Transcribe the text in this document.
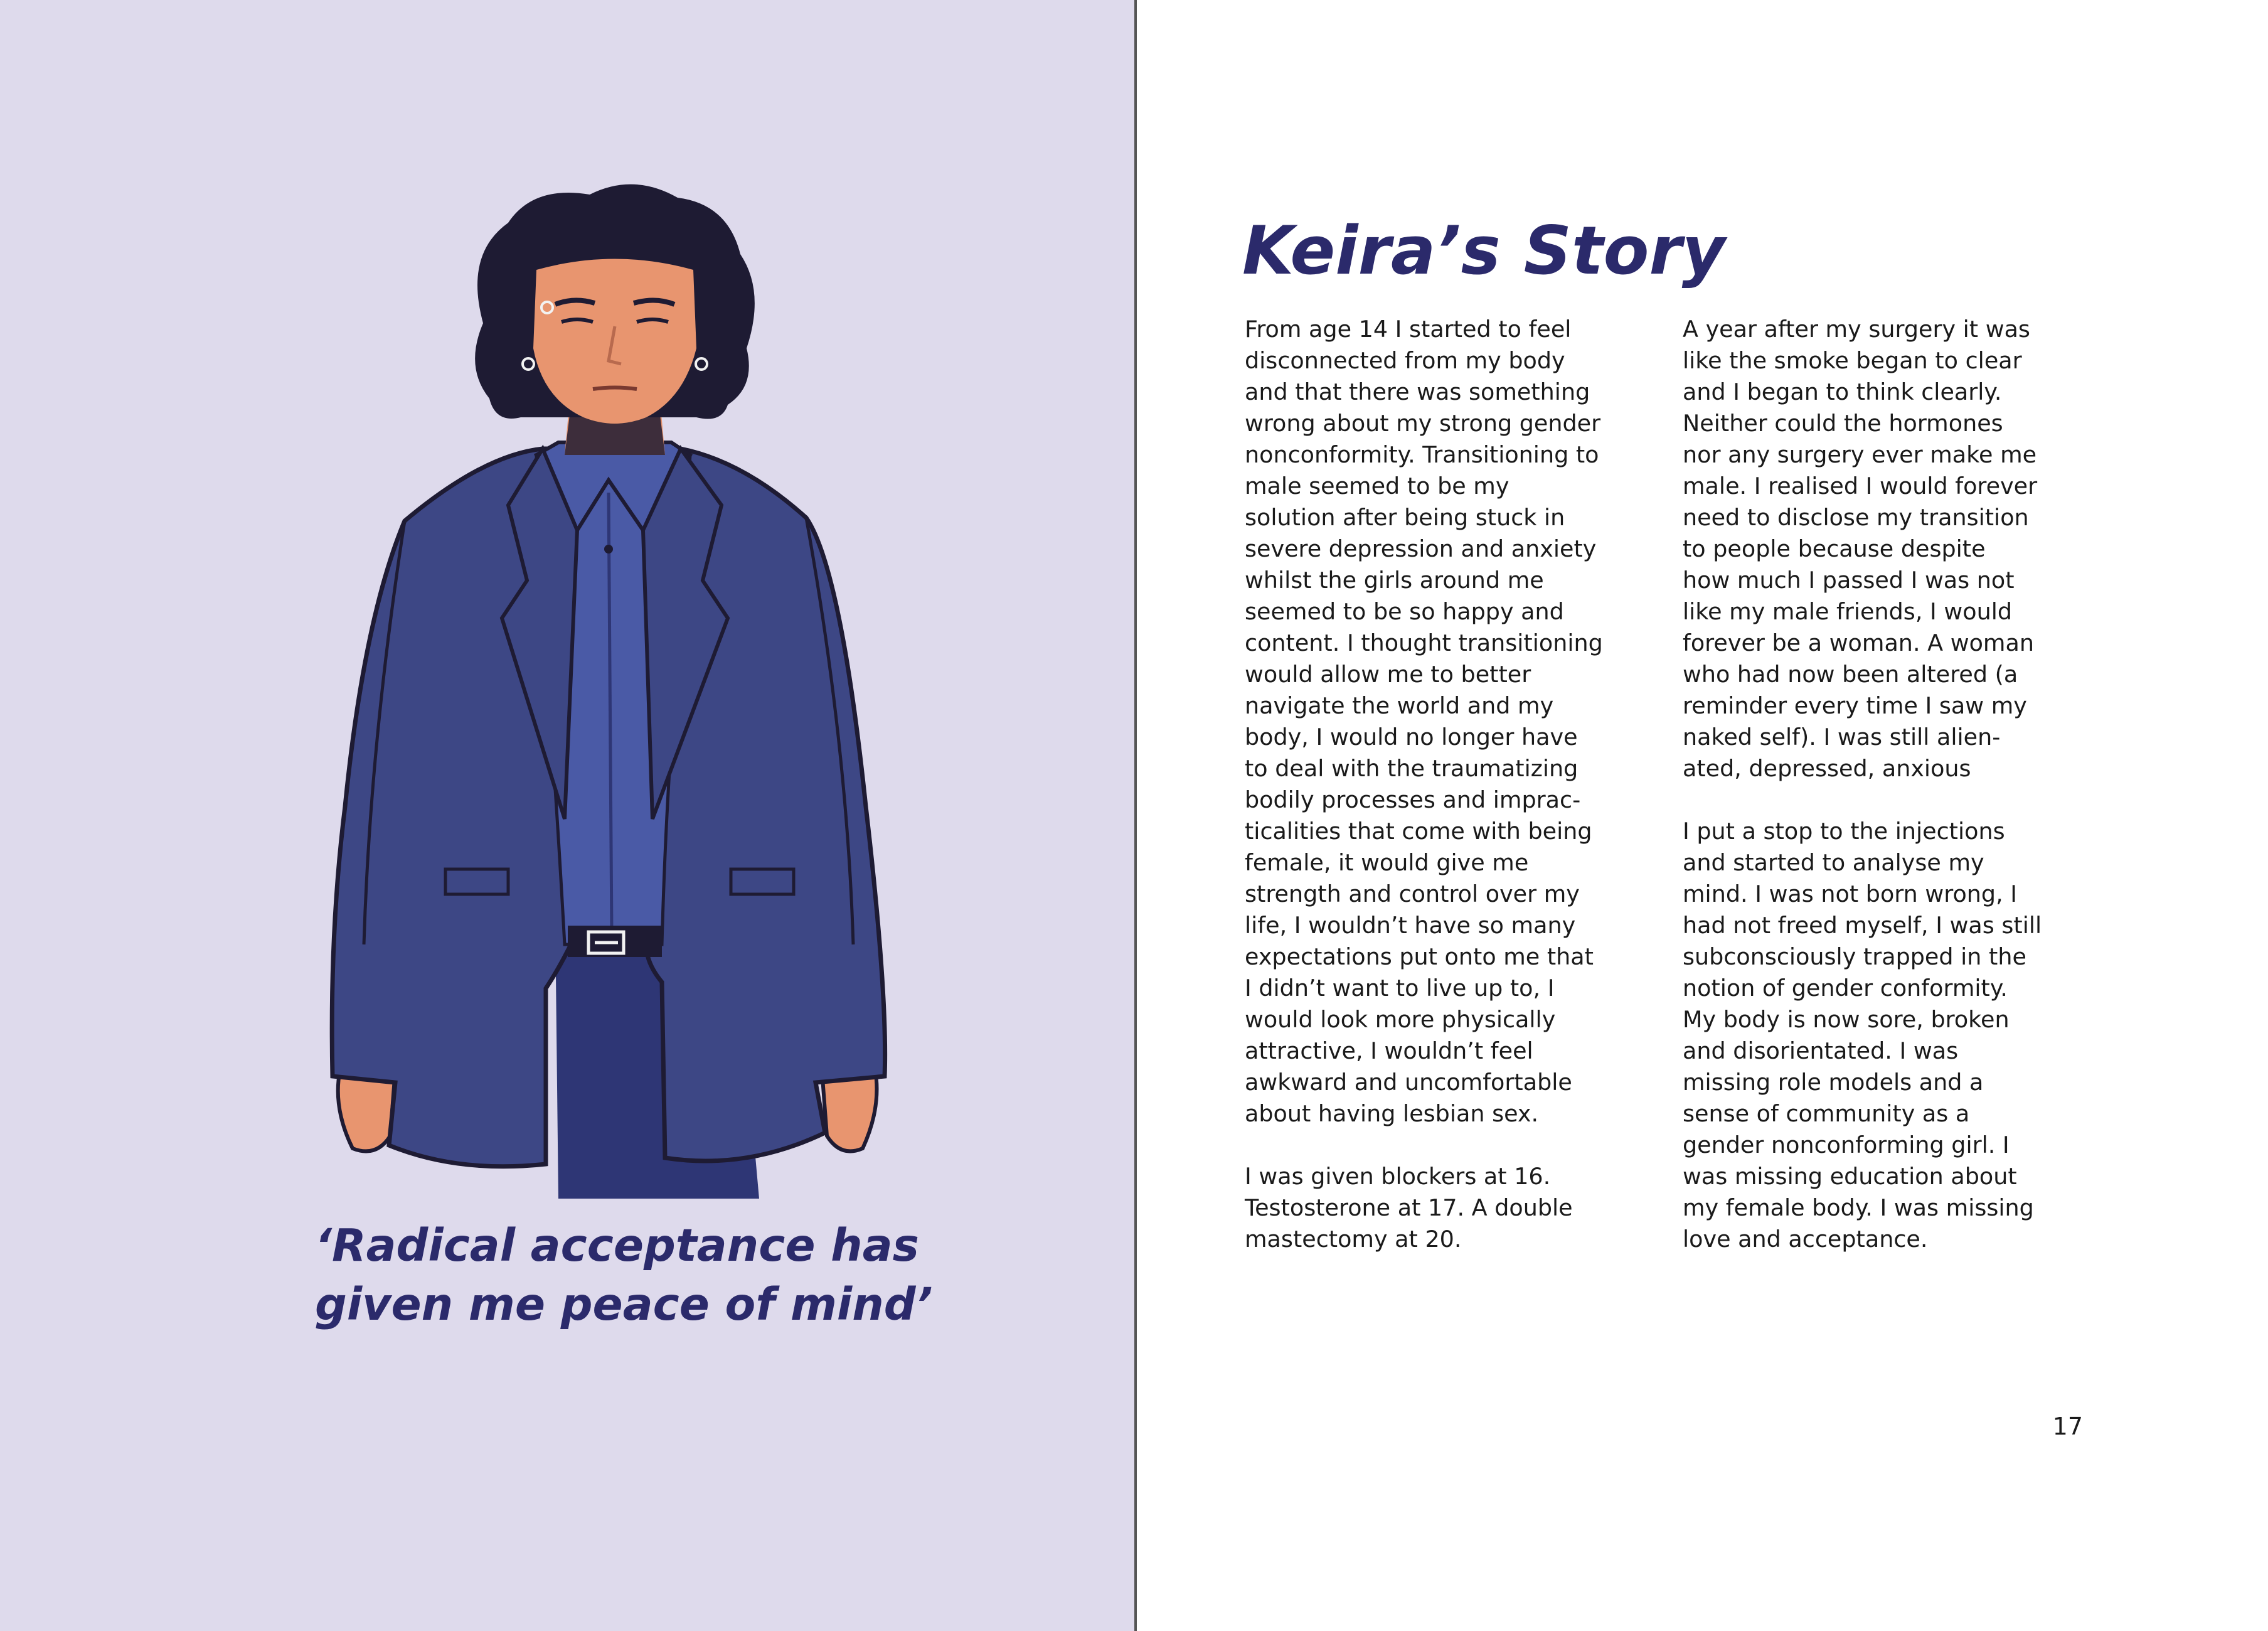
‘Radical acceptance has
given me peace of mind’

Keira’s Story

From age 14 I started to feel
disconnected from my body
and that there was something
wrong about my strong gender
nonconformity. Transitioning to
male seemed to be my
solution after being stuck in
severe depression and anxiety
whilst the girls around me
seemed to be so happy and
content. I thought transitioning
would allow me to better
navigate the world and my
body, I would no longer have
to deal with the traumatizing
bodily processes and imprac-
ticalities that come with being
female, it would give me
strength and control over my
life, I wouldn’t have so many
expectations put onto me that
I didn’t want to live up to, I
would look more physically
attractive, I wouldn’t feel
awkward and uncomfortable
about having lesbian sex.

I was given blockers at 16.
Testosterone at 17. A double
mastectomy at 20.

A year after my surgery it was
like the smoke began to clear
and I began to think clearly.
Neither could the hormones
nor any surgery ever make me
male. I realised I would forever
need to disclose my transition
to people because despite
how much I passed I was not
like my male friends, I would
forever be a woman. A woman
who had now been altered (a
reminder every time I saw my
naked self). I was still alien-
ated, depressed, anxious

I put a stop to the injections
and started to analyse my
mind. I was not born wrong, I
had not freed myself, I was still
subconsciously trapped in the
notion of gender conformity.
My body is now sore, broken
and disorientated. I was
missing role models and a
sense of community as a
gender nonconforming girl. I
was missing education about
my female body. I was missing
love and acceptance.

17
